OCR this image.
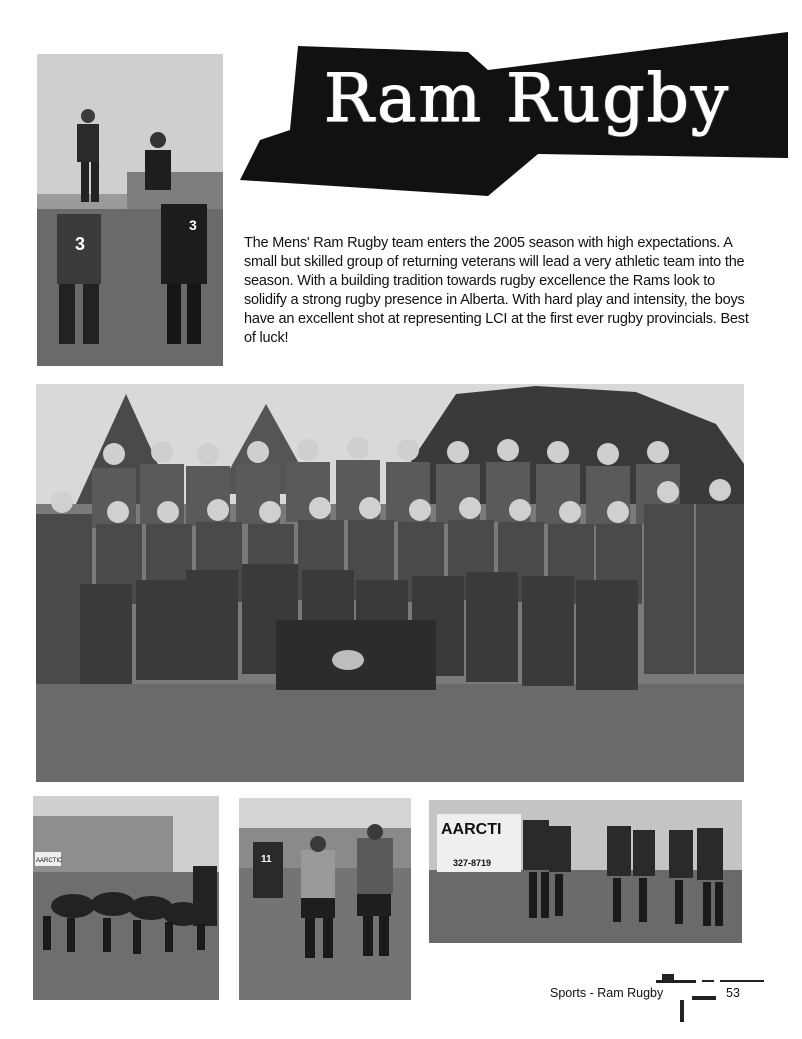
3
3
Ram Rugby

The Mens' Ram Rugby team enters the 2005 season with high expectations. A small but skilled group of returning veterans will lead a very athletic team into the season. With a building tradition towards rugby excellence the Rams look to solidify a strong rugby presence in Alberta. With hard play and intensity, the boys have an excellent shot at representing LCI at the first ever rugby provincials. Best of luck!

AARCTIC	11
AARCTI
327-8719
Sports - Ram Rugby	53
